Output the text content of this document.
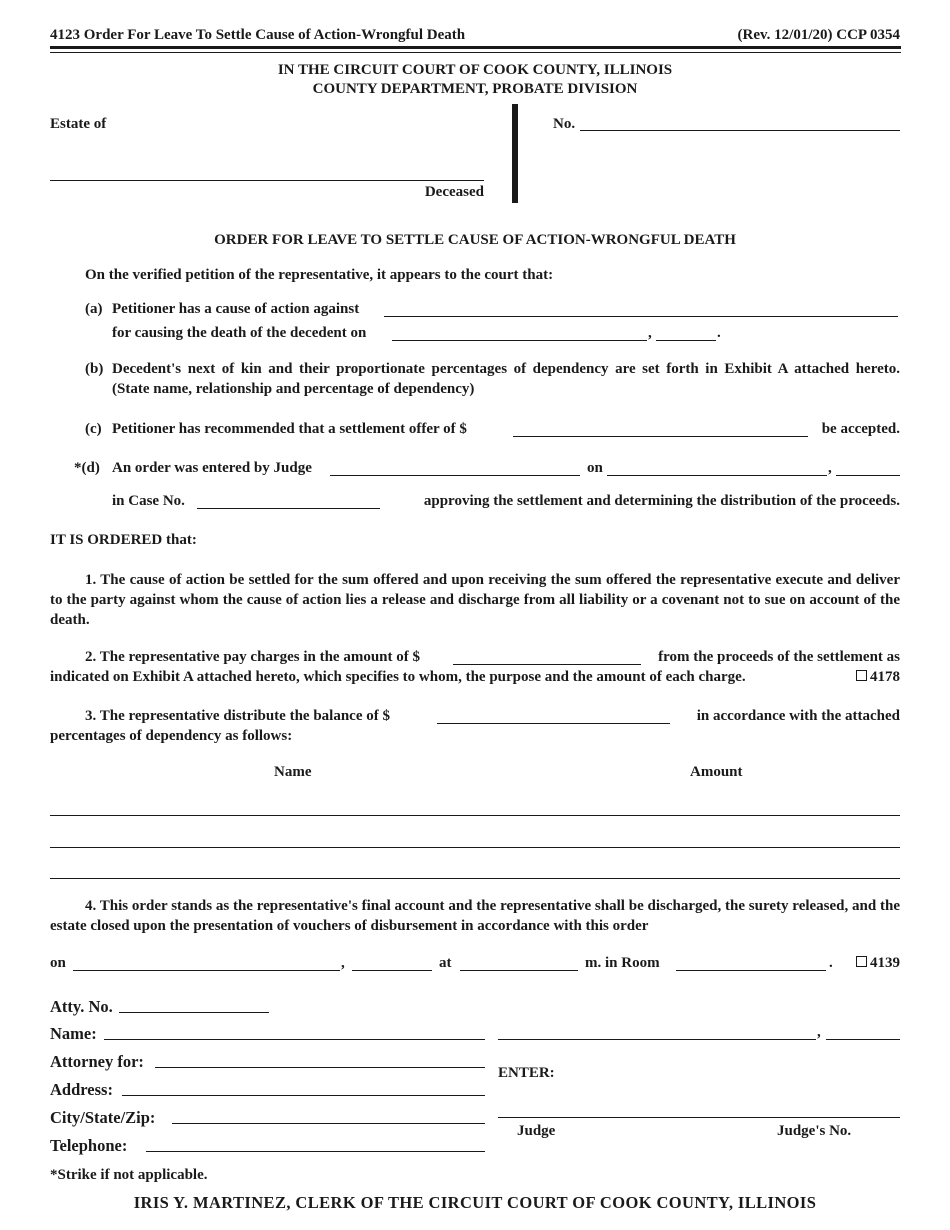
4123 Order For Leave To Settle Cause of Action-Wrongful Death	(Rev. 12/01/20) CCP 0354
IN THE CIRCUIT COURT OF COOK COUNTY, ILLINOIS
COUNTY DEPARTMENT, PROBATE DIVISION
Estate of
Deceased
No.
ORDER FOR LEAVE TO SETTLE CAUSE OF ACTION-WRONGFUL DEATH
On the verified petition of the representative, it appears to the court that:
(a) Petitioner has a cause of action against
for causing the death of the decedent on	,	.
(b) Decedent's next of kin and their proportionate percentages of dependency are set forth in Exhibit A attached hereto.
(State name, relationship and percentage of dependency)
(c) Petitioner has recommended that a settlement offer of $	be accepted.
*(d) An order was entered by Judge	on	,
in Case No.	approving the settlement and determining the distribution of the proceeds.
IT IS ORDERED that:
1. The cause of action be settled for the sum offered and upon receiving the sum offered the representative execute and deliver to the party against whom the cause of action lies a release and discharge from all liability or a covenant not to sue on account of the death.
2. The representative pay charges in the amount of $	from the proceeds of the settlement as
indicated on Exhibit A attached hereto, which specifies to whom, the purpose and the amount of each charge.	4178
3. The representative distribute the balance of $	in accordance with the attached
percentages of dependency as follows:
Name	Amount
4. This order stands as the representative's final account and the representative shall be discharged, the surety released, and the estate closed upon the presentation of vouchers of disbursement in accordance with this order
on	,	at	m. in Room	.	4139
Atty. No.
Name:
Attorney for:
Address:
City/State/Zip:
Telephone:
,
ENTER:
Judge	Judge's No.
*Strike if not applicable.
IRIS Y. MARTINEZ, CLERK OF THE CIRCUIT COURT OF COOK COUNTY, ILLINOIS
